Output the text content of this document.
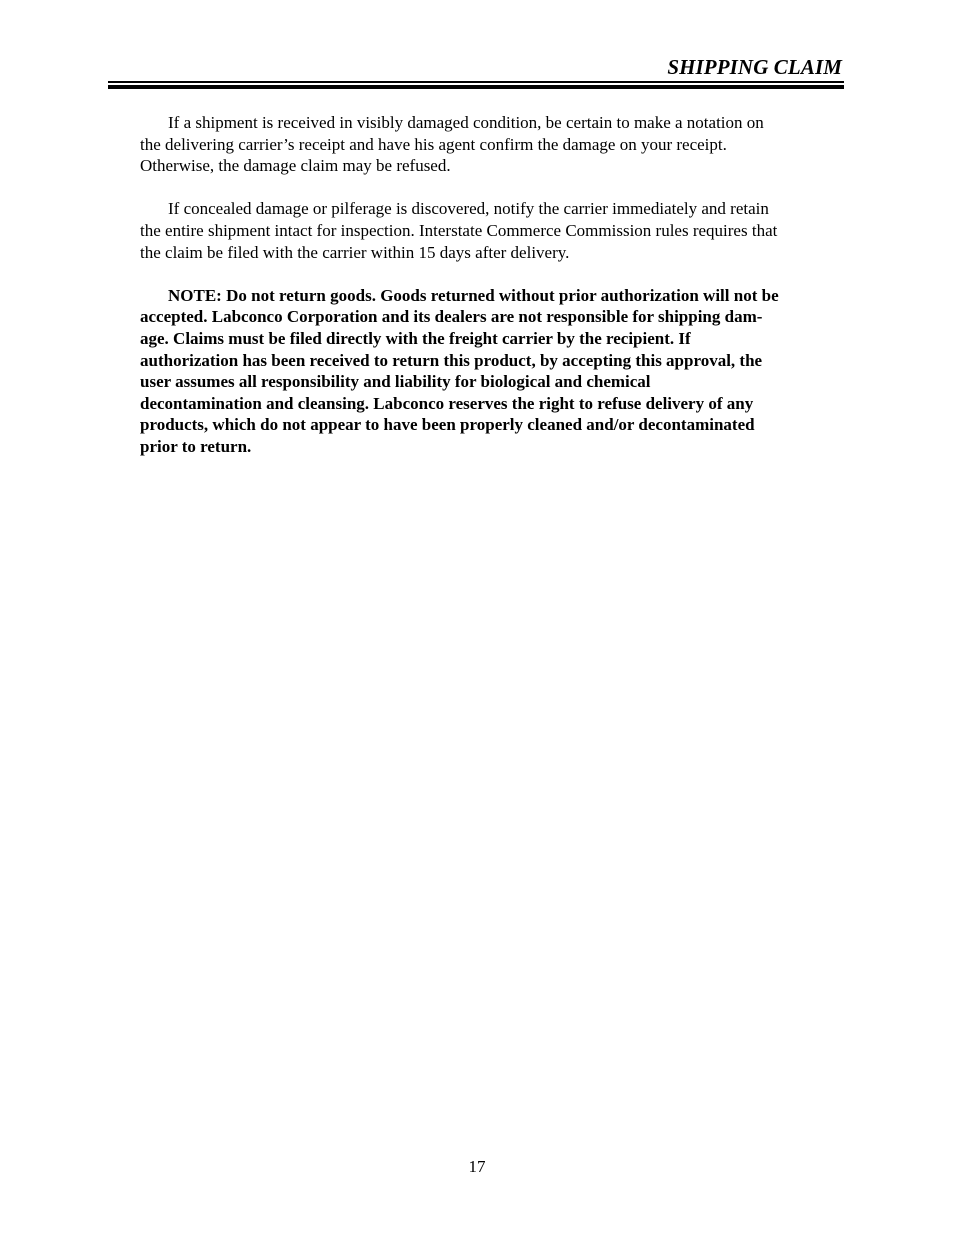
SHIPPING CLAIM

If a shipment is received in visibly damaged condition, be certain to make a notation on
the delivering carrier’s receipt and have his agent confirm the damage on your receipt.
Otherwise, the damage claim may be refused.

If concealed damage or pilferage is discovered, notify the carrier immediately and retain
the entire shipment intact for inspection. Interstate Commerce Commission rules requires that
the claim be filed with the carrier within 15 days after delivery.

NOTE: Do not return goods. Goods returned without prior authorization will not be
accepted. Labconco Corporation and its dealers are not responsible for shipping dam-
age. Claims must be filed directly with the freight carrier by the recipient. If
authorization has been received to return this product, by accepting this approval, the
user assumes all responsibility and liability for biological and chemical
decontamination and cleansing. Labconco reserves the right to refuse delivery of any
products, which do not appear to have been properly cleaned and/or decontaminated
prior to return.

17
